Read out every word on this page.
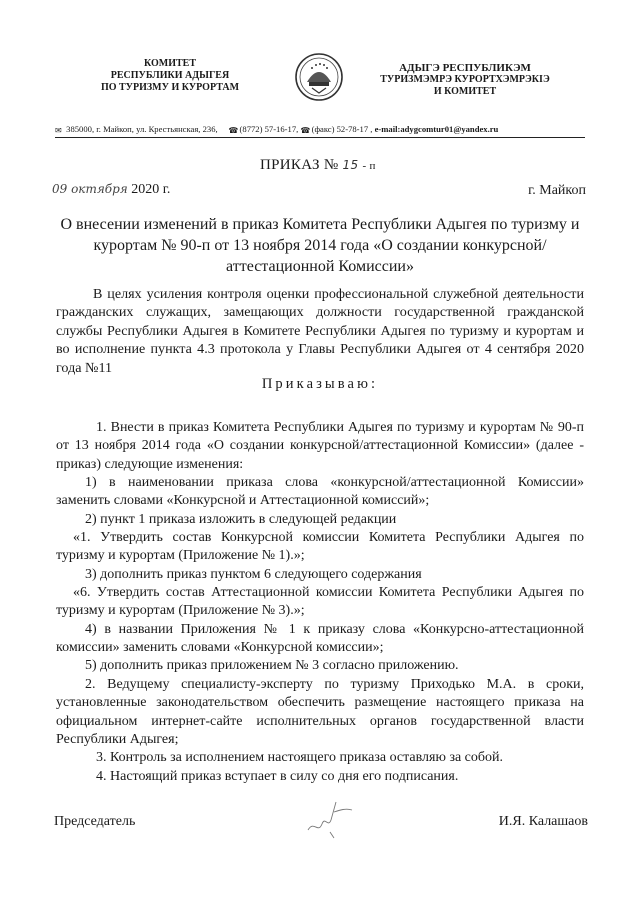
КОМИТЕТ
РЕСПУБЛИКИ АДЫГЕЯ
ПО ТУРИЗМУ И КУРОРТАМ
АДЫГЭ РЕСПУБЛИКЭМ
ТУРИЗМЭМРЭ КУРОРТХЭМРЭКIЭ
И КОМИТЕТ
✉ 385000, г. Майкоп, ул. Крестьянская, 236, ☎ (8772) 57-16-17, ☎ (факс) 52-78-17 , e-mail:adygcomtur01@yandex.ru
ПРИКАЗ № 15 - п
09 октября 2020 г.	г. Майкоп
О внесении изменений в приказ Комитета Республики Адыгея по туризму и курортам № 90-п от 13 ноября 2014 года «О создании конкурсной/аттестационной Комиссии»
В целях усиления контроля оценки профессиональной служебной деятельности гражданских служащих, замещающих должности государственной гражданской службы Республики Адыгея в Комитете Республики Адыгея по туризму и курортам и во исполнение пункта 4.3 протокола у Главы Республики Адыгея от 4 сентября 2020 года №11
Приказываю:
1. Внести в приказ Комитета Республики Адыгея по туризму и курортам № 90-п от 13 ноября 2014 года «О создании конкурсной/аттестационной Комиссии» (далее - приказ) следующие изменения:
1) в наименовании приказа слова «конкурсной/аттестационной Комиссии» заменить словами «Конкурсной и Аттестационной комиссий»;
2) пункт 1 приказа изложить в следующей редакции
«1. Утвердить состав Конкурсной комиссии Комитета Республики Адыгея по туризму и курортам (Приложение № 1).»;
3) дополнить приказ пунктом 6 следующего содержания
«6. Утвердить состав Аттестационной комиссии Комитета Республики Адыгея по туризму и курортам (Приложение № 3).»;
4) в названии Приложения № 1 к приказу слова «Конкурсно-аттестационной комиссии» заменить словами «Конкурсной комиссии»;
5) дополнить приказ приложением № 3 согласно приложению.
2. Ведущему специалисту-эксперту по туризму Приходько М.А. в сроки, установленные законодательством обеспечить размещение настоящего приказа на официальном интернет-сайте исполнительных органов государственной власти Республики Адыгея;
3. Контроль за исполнением настоящего приказа оставляю за собой.
4. Настоящий приказ вступает в силу со дня его подписания.
Председатель	И.Я. Калашаов
